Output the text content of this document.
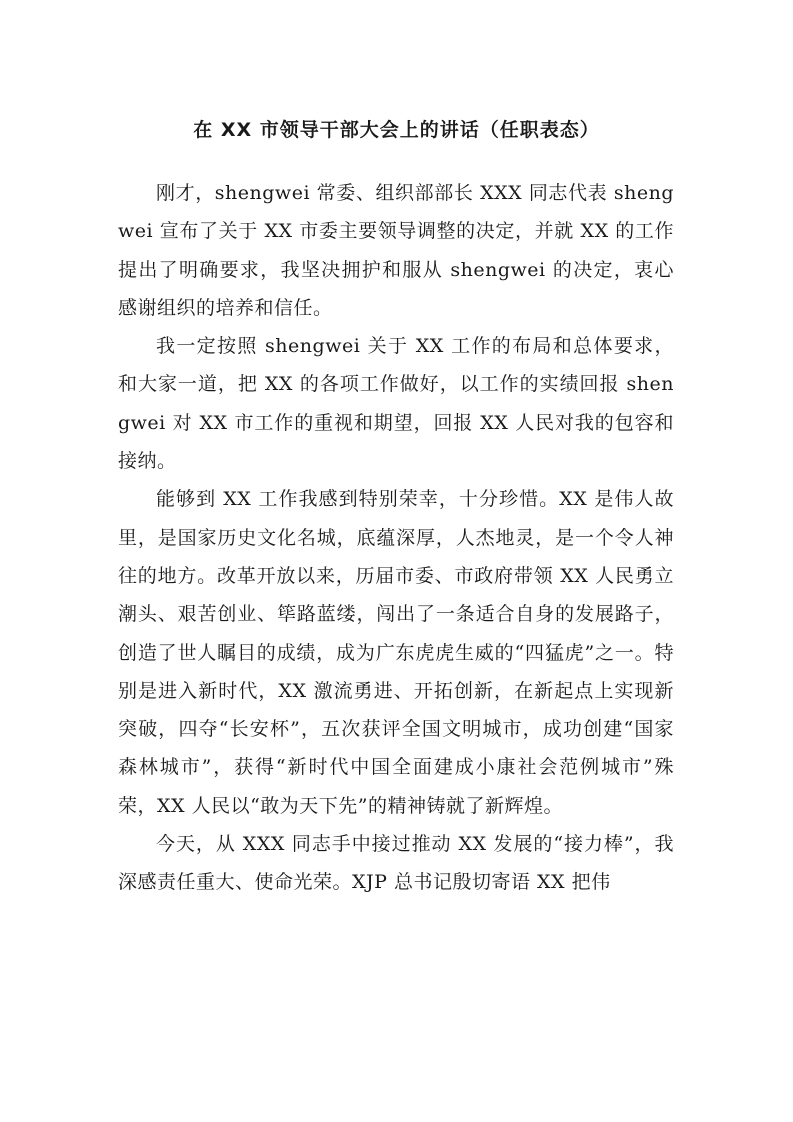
在 XX 市领导干部大会上的讲话（任职表态）

刚才，shengwei 常委、组织部部长 XXX 同志代表 shengwei 宣布了关于 XX 市委主要领导调整的决定，并就 XX 的工作提出了明确要求，我坚决拥护和服从 shengwei 的决定，衷心感谢组织的培养和信任。

我一定按照 shengwei 关于 XX 工作的布局和总体要求，和大家一道，把 XX 的各项工作做好，以工作的实绩回报 shengwei 对 XX 市工作的重视和期望，回报 XX 人民对我的包容和接纳。

能够到 XX 工作我感到特别荣幸，十分珍惜。XX 是伟人故里，是国家历史文化名城，底蕴深厚，人杰地灵，是一个令人神往的地方。改革开放以来，历届市委、市政府带领 XX 人民勇立潮头、艰苦创业、筚路蓝缕，闯出了一条适合自身的发展路子，创造了世人瞩目的成绩，成为广东虎虎生威的“四猛虎”之一。特别是进入新时代，XX 激流勇进、开拓创新，在新起点上实现新突破，四夺“长安杯”，五次获评全国文明城市，成功创建“国家森林城市”，获得“新时代中国全面建成小康社会范例城市”殊荣，XX 人民以“敢为天下先”的精神铸就了新辉煌。

今天，从 XXX 同志手中接过推动 XX 发展的“接力棒”，我深感责任重大、使命光荣。XJP 总书记殷切寄语 XX 把伟
